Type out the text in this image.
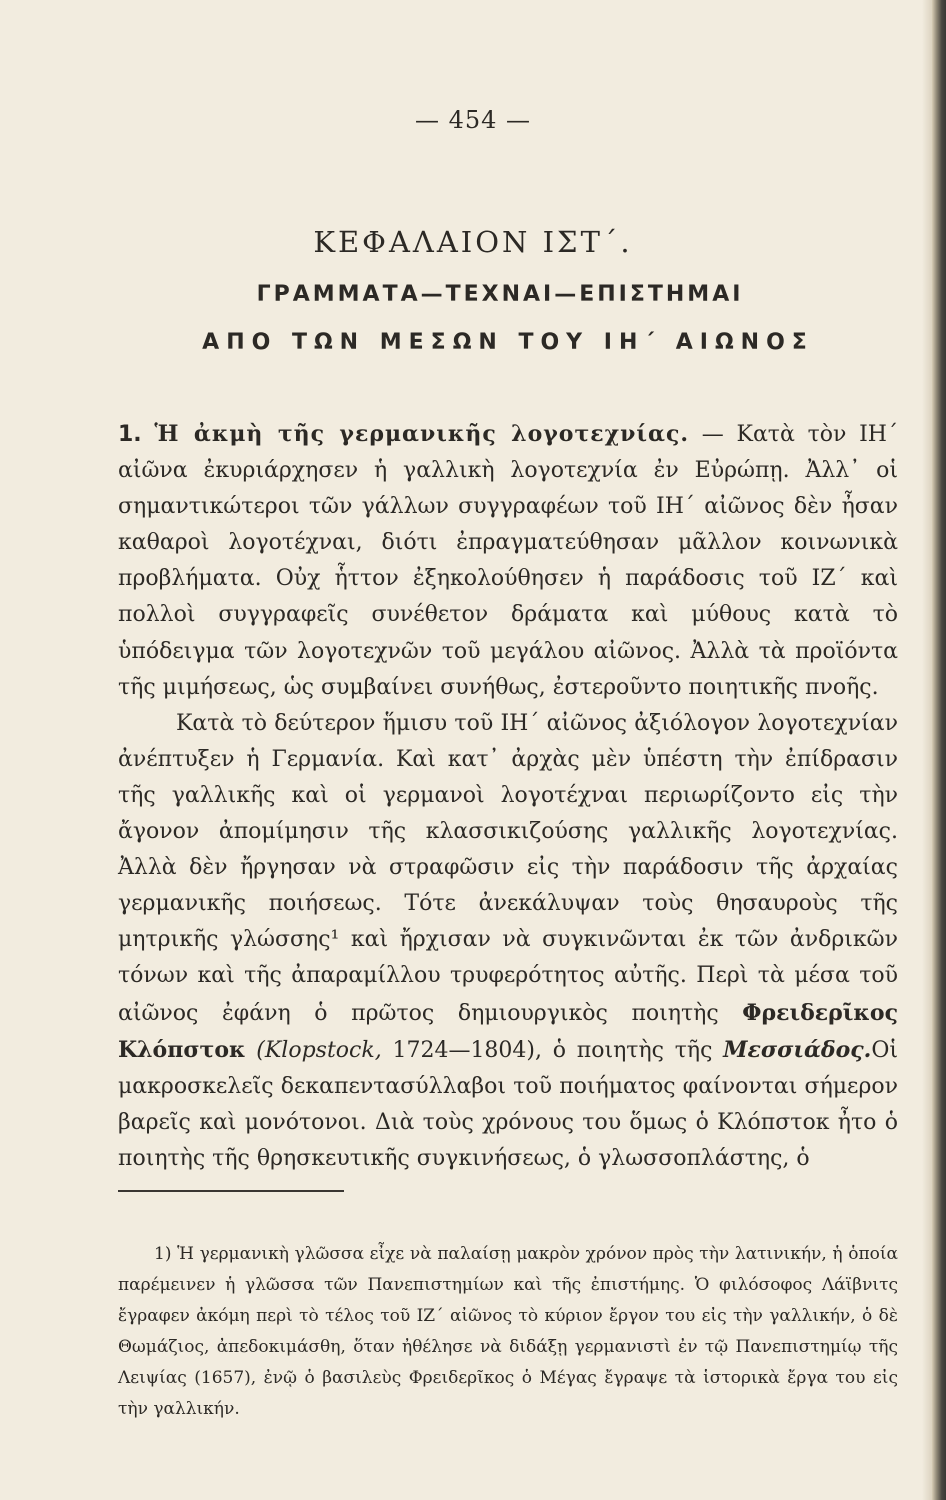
— 454 —
ΚΕΦΑΛΑΙΟΝ ΙΣΤ΄.
ΓΡΑΜΜΑΤΑ—ΤΕΧΝΑΙ—ΕΠΙΣΤΗΜΑΙ
ΑΠΟ ΤΩΝ ΜΕΣΩΝ ΤΟΥ ΙΗ΄ ΑΙΩΝΟΣ

1. Ἡ ἀκμὴ τῆς γερμανικῆς λογοτεχνίας. — Κατὰ τὸν ΙΗ΄ αἰῶνα ἐκυριάρχησεν ἡ γαλλικὴ λογοτεχνία ἐν Εὐρώπῃ. Ἀλλ᾽ οἱ σημαντικώτεροι τῶν γάλλων συγγραφέων τοῦ ΙΗ΄ αἰῶνος δὲν ἦσαν καθαροὶ λογοτέχναι, διότι ἐπραγματεύθησαν μᾶλλον κοινωνικὰ προβλήματα. Οὐχ ἧττον ἐξηκολούθησεν ἡ παράδοσις τοῦ ΙΖ΄ καὶ πολλοὶ συγγραφεῖς συνέθετον δράματα καὶ μύθους κατὰ τὸ ὑπόδειγμα τῶν λογοτεχνῶν τοῦ μεγάλου αἰῶνος. Ἀλλὰ τὰ προϊόντα τῆς μιμήσεως, ὡς συμβαίνει συνήθως, ἐστεροῦντο ποιητικῆς πνοῆς.

Κατὰ τὸ δεύτερον ἥμισυ τοῦ ΙΗ΄ αἰῶνος ἀξιόλογον λογοτεχνίαν ἀνέπτυξεν ἡ Γερμανία. Καὶ κατ᾽ ἀρχὰς μὲν ὑπέστη τὴν ἐπίδρασιν τῆς γαλλικῆς καὶ οἱ γερμανοὶ λογοτέχναι περιωρίζοντο εἰς τὴν ἄγονον ἀπομίμησιν τῆς κλασσικιζούσης γαλλικῆς λογοτεχνίας. Ἀλλὰ δὲν ἤργησαν νὰ στραφῶσιν εἰς τὴν παράδοσιν τῆς ἀρχαίας γερμανικῆς ποιήσεως. Τότε ἀνεκάλυψαν τοὺς θησαυροὺς τῆς μητρικῆς γλώσσης¹ καὶ ἤρχισαν νὰ συγκινῶνται ἐκ τῶν ἀνδρικῶν τόνων καὶ τῆς ἀπαραμίλλου τρυφερότητος αὐτῆς. Περὶ τὰ μέσα τοῦ αἰῶνος ἐφάνη ὁ πρῶτος δημιουργικὸς ποιητὴς Φρειδερῖκος Κλόπστοκ (Klopstock, 1724—1804), ὁ ποιητὴς τῆς Μεσσιάδος.Οἱ μακροσκελεῖς δεκαπεντασύλλαβοι τοῦ ποιήματος φαίνονται σήμερον βαρεῖς καὶ μονότονοι. Διὰ τοὺς χρόνους του ὅμως ὁ Κλόπστοκ ἦτο ὁ ποιητὴς τῆς θρησκευτικῆς συγκινήσεως, ὁ γλωσσοπλάστης, ὁ

1) Ἡ γερμανικὴ γλῶσσα εἶχε νὰ παλαίσῃ μακρὸν χρόνον πρὸς τὴν λατινικήν, ἡ ὁποία παρέμεινεν ἡ γλῶσσα τῶν Πανεπιστημίων καὶ τῆς ἐπιστήμης. Ὁ φιλόσοφος Λάϊβνιτς ἔγραφεν ἀκόμη περὶ τὸ τέλος τοῦ ΙΖ΄ αἰῶνος τὸ κύριον ἔργον του εἰς τὴν γαλλικήν, ὁ δὲ Θωμάζιος, ἀπεδοκιμάσθη, ὅταν ἠθέλησε νὰ διδάξῃ γερμανιστὶ ἐν τῷ Πανεπιστημίῳ τῆς Λειψίας (1657), ἐνῷ ὁ βασιλεὺς Φρειδερῖκος ὁ Μέγας ἔγραψε τὰ ἱστορικὰ ἔργα του εἰς τὴν γαλλικήν.
